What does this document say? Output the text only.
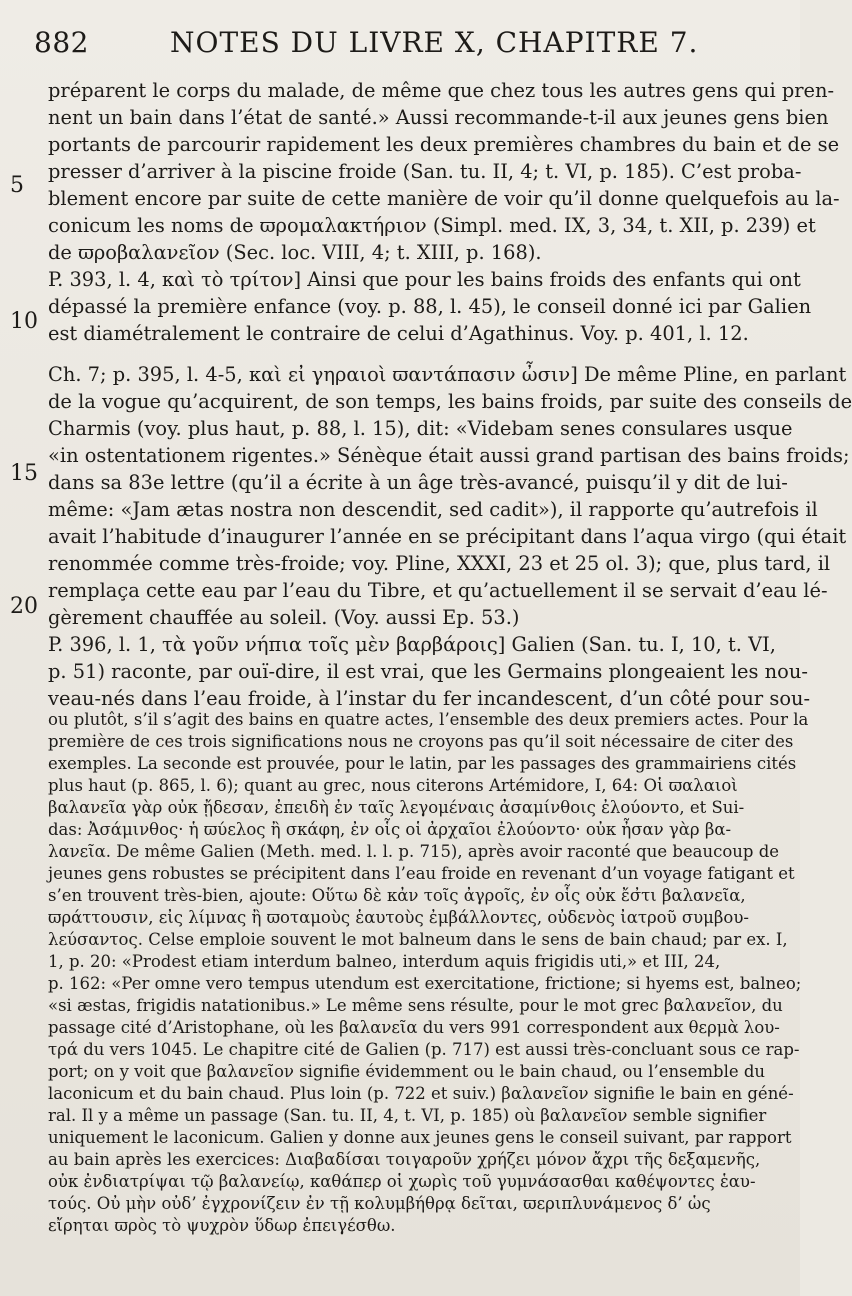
882	NOTES DU LIVRE X, CHAPITRE 7.
5
10
15
20
préparent le corps du malade, de même que chez tous les autres gens qui pren-
nent un bain dans l’état de santé.» Aussi recommande-t-il aux jeunes gens bien
portants de parcourir rapidement les deux premières chambres du bain et de se
presser d’arriver à la piscine froide (San. tu. II, 4; t. VI, p. 185). C’est proba-
blement encore par suite de cette manière de voir qu’il donne quelquefois au la-
conicum les noms de ϖρομαλακτήριον (Simpl. med. IX, 3, 34, t. XII, p. 239) et
de ϖροβαλανεῖον (Sec. loc. VIII, 4; t. XIII, p. 168).
P. 393, l. 4, καὶ τὸ τρίτον] Ainsi que pour les bains froids des enfants qui ont
dépassé la première enfance (voy. p. 88, l. 45), le conseil donné ici par Galien
est diamétralement le contraire de celui d’Agathinus. Voy. p. 401, l. 12.
Ch. 7; p. 395, l. 4-5, καὶ εἰ γηραιοὶ ϖαντάπασιν ὦσιν] De même Pline, en parlant
de la vogue qu’acquirent, de son temps, les bains froids, par suite des conseils de
Charmis (voy. plus haut, p. 88, l. 15), dit: «Videbam senes consulares usque
«in ostentationem rigentes.» Sénèque était aussi grand partisan des bains froids;
dans sa 83e lettre (qu’il a écrite à un âge très-avancé, puisqu’il y dit de lui-
même: «Jam ætas nostra non descendit, sed cadit»), il rapporte qu’autrefois il
avait l’habitude d’inaugurer l’année en se précipitant dans l’aqua virgo (qui était
renommée comme très-froide; voy. Pline, XXXI, 23 et 25 ol. 3); que, plus tard, il
remplaça cette eau par l’eau du Tibre, et qu’actuellement il se servait d’eau lé-
gèrement chauffée au soleil. (Voy. aussi Ep. 53.)
P. 396, l. 1, τὰ γοῦν νήπια τοῖς μὲν βαρβάροις] Galien (San. tu. I, 10, t. VI,
p. 51) raconte, par ouï-dire, il est vrai, que les Germains plongeaient les nou-
veau-nés dans l’eau froide, à l’instar du fer incandescent, d’un côté pour sou-
ou plutôt, s’il s’agit des bains en quatre actes, l’ensemble des deux premiers actes. Pour la
première de ces trois significations nous ne croyons pas qu’il soit nécessaire de citer des
exemples. La seconde est prouvée, pour le latin, par les passages des grammairiens cités
plus haut (p. 865, l. 6); quant au grec, nous citerons Artémidore, I, 64: Οἱ ϖαλαιοὶ
βαλανεῖα γὰρ οὐκ ᾔδεσαν, ἐπειδὴ ἐν ταῖς λεγομέναις ἀσαμίνθοις ἐλούοντο, et Sui-
das: Ἀσάμινθος· ἡ ϖύελος ἢ σκάφη, ἐν οἷς οἱ ἀρχαῖοι ἐλούοντο· οὐκ ἦσαν γὰρ βα-
λανεῖα. De même Galien (Meth. med. l. l. p. 715), après avoir raconté que beaucoup de
jeunes gens robustes se précipitent dans l’eau froide en revenant d’un voyage fatigant et
s’en trouvent très-bien, ajoute: Οὕτω δὲ κἀν τοῖς ἀγροῖς, ἐν οἷς οὐκ ἔσ̓τι βαλανεῖα,
ϖράττουσιν, εἰς λίμνας ἢ ϖοταμοὺς ἑαυτοὺς ἐμβάλλοντες, οὐδενὸς ἰατροῦ συμβου-
λεύσαντος. Celse emploie souvent le mot balneum dans le sens de bain chaud; par ex. I,
1, p. 20: «Prodest etiam interdum balneo, interdum aquis frigidis uti,» et III, 24,
p. 162: «Per omne vero tempus utendum est exercitatione, frictione; si hyems est, balneo;
«si æstas, frigidis natationibus.» Le même sens résulte, pour le mot grec βαλανεῖον, du
passage cité d’Aristophane, où les βαλανεῖα du vers 991 correspondent aux θερμὰ λου-
τρά du vers 1045. Le chapitre cité de Galien (p. 717) est aussi très-concluant sous ce rap-
port; on y voit que βαλανεῖον signifie évidemment ou le bain chaud, ou l’ensemble du
laconicum et du bain chaud. Plus loin (p. 722 et suiv.) βαλανεῖον signifie le bain en géné-
ral. Il y a même un passage (San. tu. II, 4, t. VI, p. 185) où βαλανεῖον semble signifier
uniquement le laconicum. Galien y donne aux jeunes gens le conseil suivant, par rapport
au bain après les exercices: Διαβαδίσαι τοιγαροῦν χρήζει μόνον ἄχρι τῆς δεξαμενῆς,
οὐκ ἐνδιατρίψαι τῷ βαλανείῳ, καθάπερ οἱ χωρὶς τοῦ γυμνάσασθαι καθέψοντες ἑαυ-
τούς. Οὐ μὴν οὐδ’ ἐγχρονίζειν ἐν τῇ κολυμβήθρᾳ δεῖται, ϖεριπλυνάμενος δ’ ὡς
εἴρηται ϖρὸς τὸ ψυχρὸν ὕδωρ ἐπειγέσθω.
